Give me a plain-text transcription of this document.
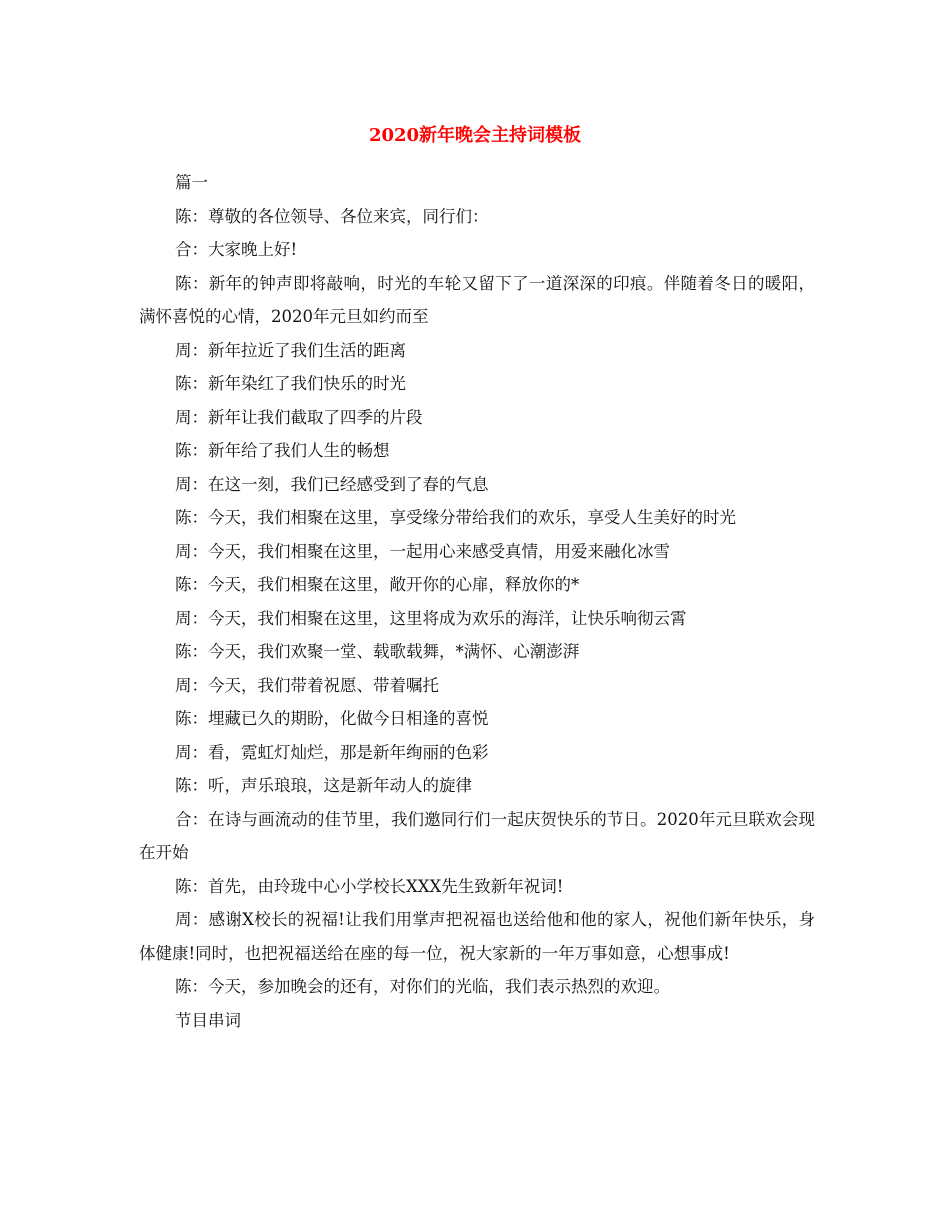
2020新年晚会主持词模板

篇一

陈：尊敬的各位领导、各位来宾，同行们：

合：大家晚上好!

陈：新年的钟声即将敲响，时光的车轮又留下了一道深深的印痕。伴随着冬日的暖阳，满怀喜悦的心情，2020年元旦如约而至

周：新年拉近了我们生活的距离

陈：新年染红了我们快乐的时光

周：新年让我们截取了四季的片段

陈：新年给了我们人生的畅想

周：在这一刻，我们已经感受到了春的气息

陈：今天，我们相聚在这里，享受缘分带给我们的欢乐，享受人生美好的时光

周：今天，我们相聚在这里，一起用心来感受真情，用爱来融化冰雪

陈：今天，我们相聚在这里，敞开你的心扉，释放你的*

周：今天，我们相聚在这里，这里将成为欢乐的海洋，让快乐响彻云霄

陈：今天，我们欢聚一堂、载歌载舞，*满怀、心潮澎湃

周：今天，我们带着祝愿、带着嘱托

陈：埋藏已久的期盼，化做今日相逢的喜悦

周：看，霓虹灯灿烂，那是新年绚丽的色彩

陈：听，声乐琅琅，这是新年动人的旋律

合：在诗与画流动的佳节里，我们邀同行们一起庆贺快乐的节日。2020年元旦联欢会现在开始

陈：首先，由玲珑中心小学校长XXX先生致新年祝词!

周：感谢X校长的祝福!让我们用掌声把祝福也送给他和他的家人，祝他们新年快乐，身体健康!同时，也把祝福送给在座的每一位，祝大家新的一年万事如意，心想事成!

陈：今天，参加晚会的还有，对你们的光临，我们表示热烈的欢迎。

节目串词
